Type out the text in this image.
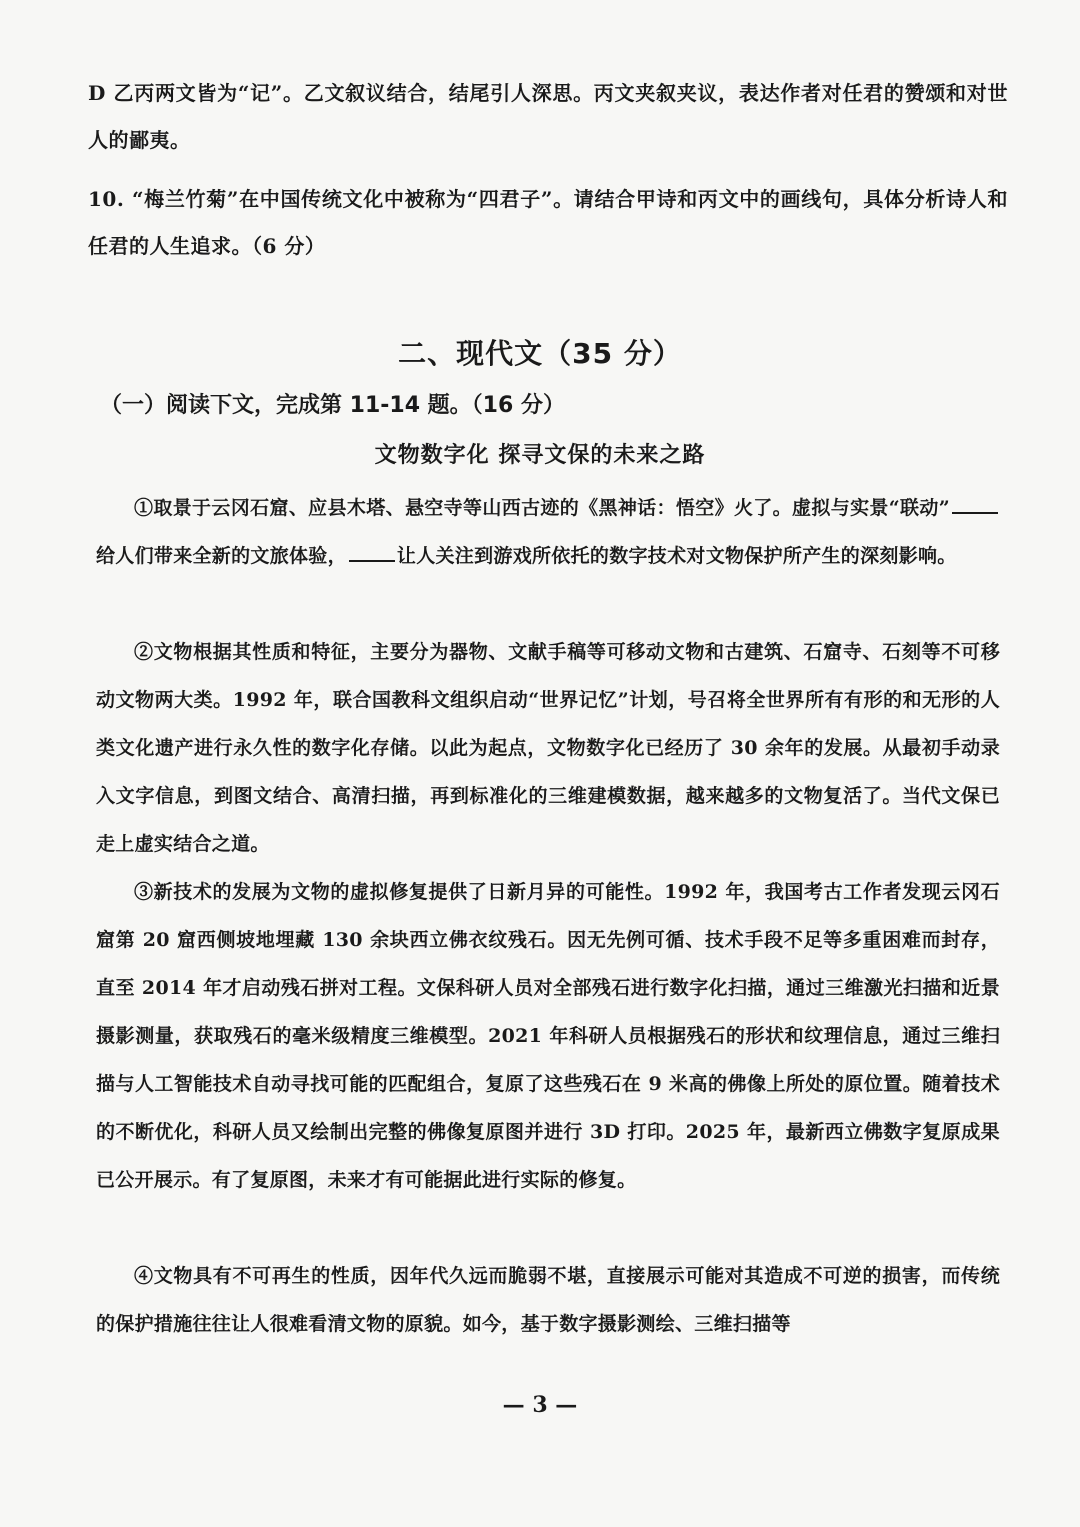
D 乙丙两文皆为“记”。乙文叙议结合，结尾引人深思。丙文夹叙夹议，表达作者对任君的赞颂和对世人的鄙夷。
10. “梅兰竹菊”在中国传统文化中被称为“四君子”。请结合甲诗和丙文中的画线句，具体分析诗人和任君的人生追求。（6 分）
二、现代文（35 分）
（一）阅读下文，完成第 11-14 题。（16 分）
文物数字化 探寻文保的未来之路
①取景于云冈石窟、应县木塔、悬空寺等山西古迹的《黑神话：悟空》火了。虚拟与实景“联动”给人们带来全新的文旅体验，	让人关注到游戏所依托的数字技术对文物保护所产生的深刻影响。
②文物根据其性质和特征，主要分为器物、文献手稿等可移动文物和古建筑、石窟寺、石刻等不可移动文物两大类。1992 年，联合国教科文组织启动“世界记忆”计划，号召将全世界所有有形的和无形的人类文化遗产进行永久性的数字化存储。以此为起点，文物数字化已经历了 30 余年的发展。从最初手动录入文字信息，到图文结合、高清扫描，再到标准化的三维建模数据，越来越多的文物复活了。当代文保已走上虚实结合之道。
③新技术的发展为文物的虚拟修复提供了日新月异的可能性。1992 年，我国考古工作者发现云冈石窟第 20 窟西侧坡地埋藏 130 余块西立佛衣纹残石。因无先例可循、技术手段不足等多重困难而封存，直至 2014 年才启动残石拼对工程。文保科研人员对全部残石进行数字化扫描，通过三维激光扫描和近景摄影测量，获取残石的毫米级精度三维模型。2021 年科研人员根据残石的形状和纹理信息，通过三维扫描与人工智能技术自动寻找可能的匹配组合，复原了这些残石在 9 米高的佛像上所处的原位置。随着技术的不断优化，科研人员又绘制出完整的佛像复原图并进行 3D 打印。2025 年，最新西立佛数字复原成果已公开展示。有了复原图，未来才有可能据此进行实际的修复。
④文物具有不可再生的性质，因年代久远而脆弱不堪，直接展示可能对其造成不可逆的损害，而传统的保护措施往往让人很难看清文物的原貌。如今，基于数字摄影测绘、三维扫描等
— 3 —
